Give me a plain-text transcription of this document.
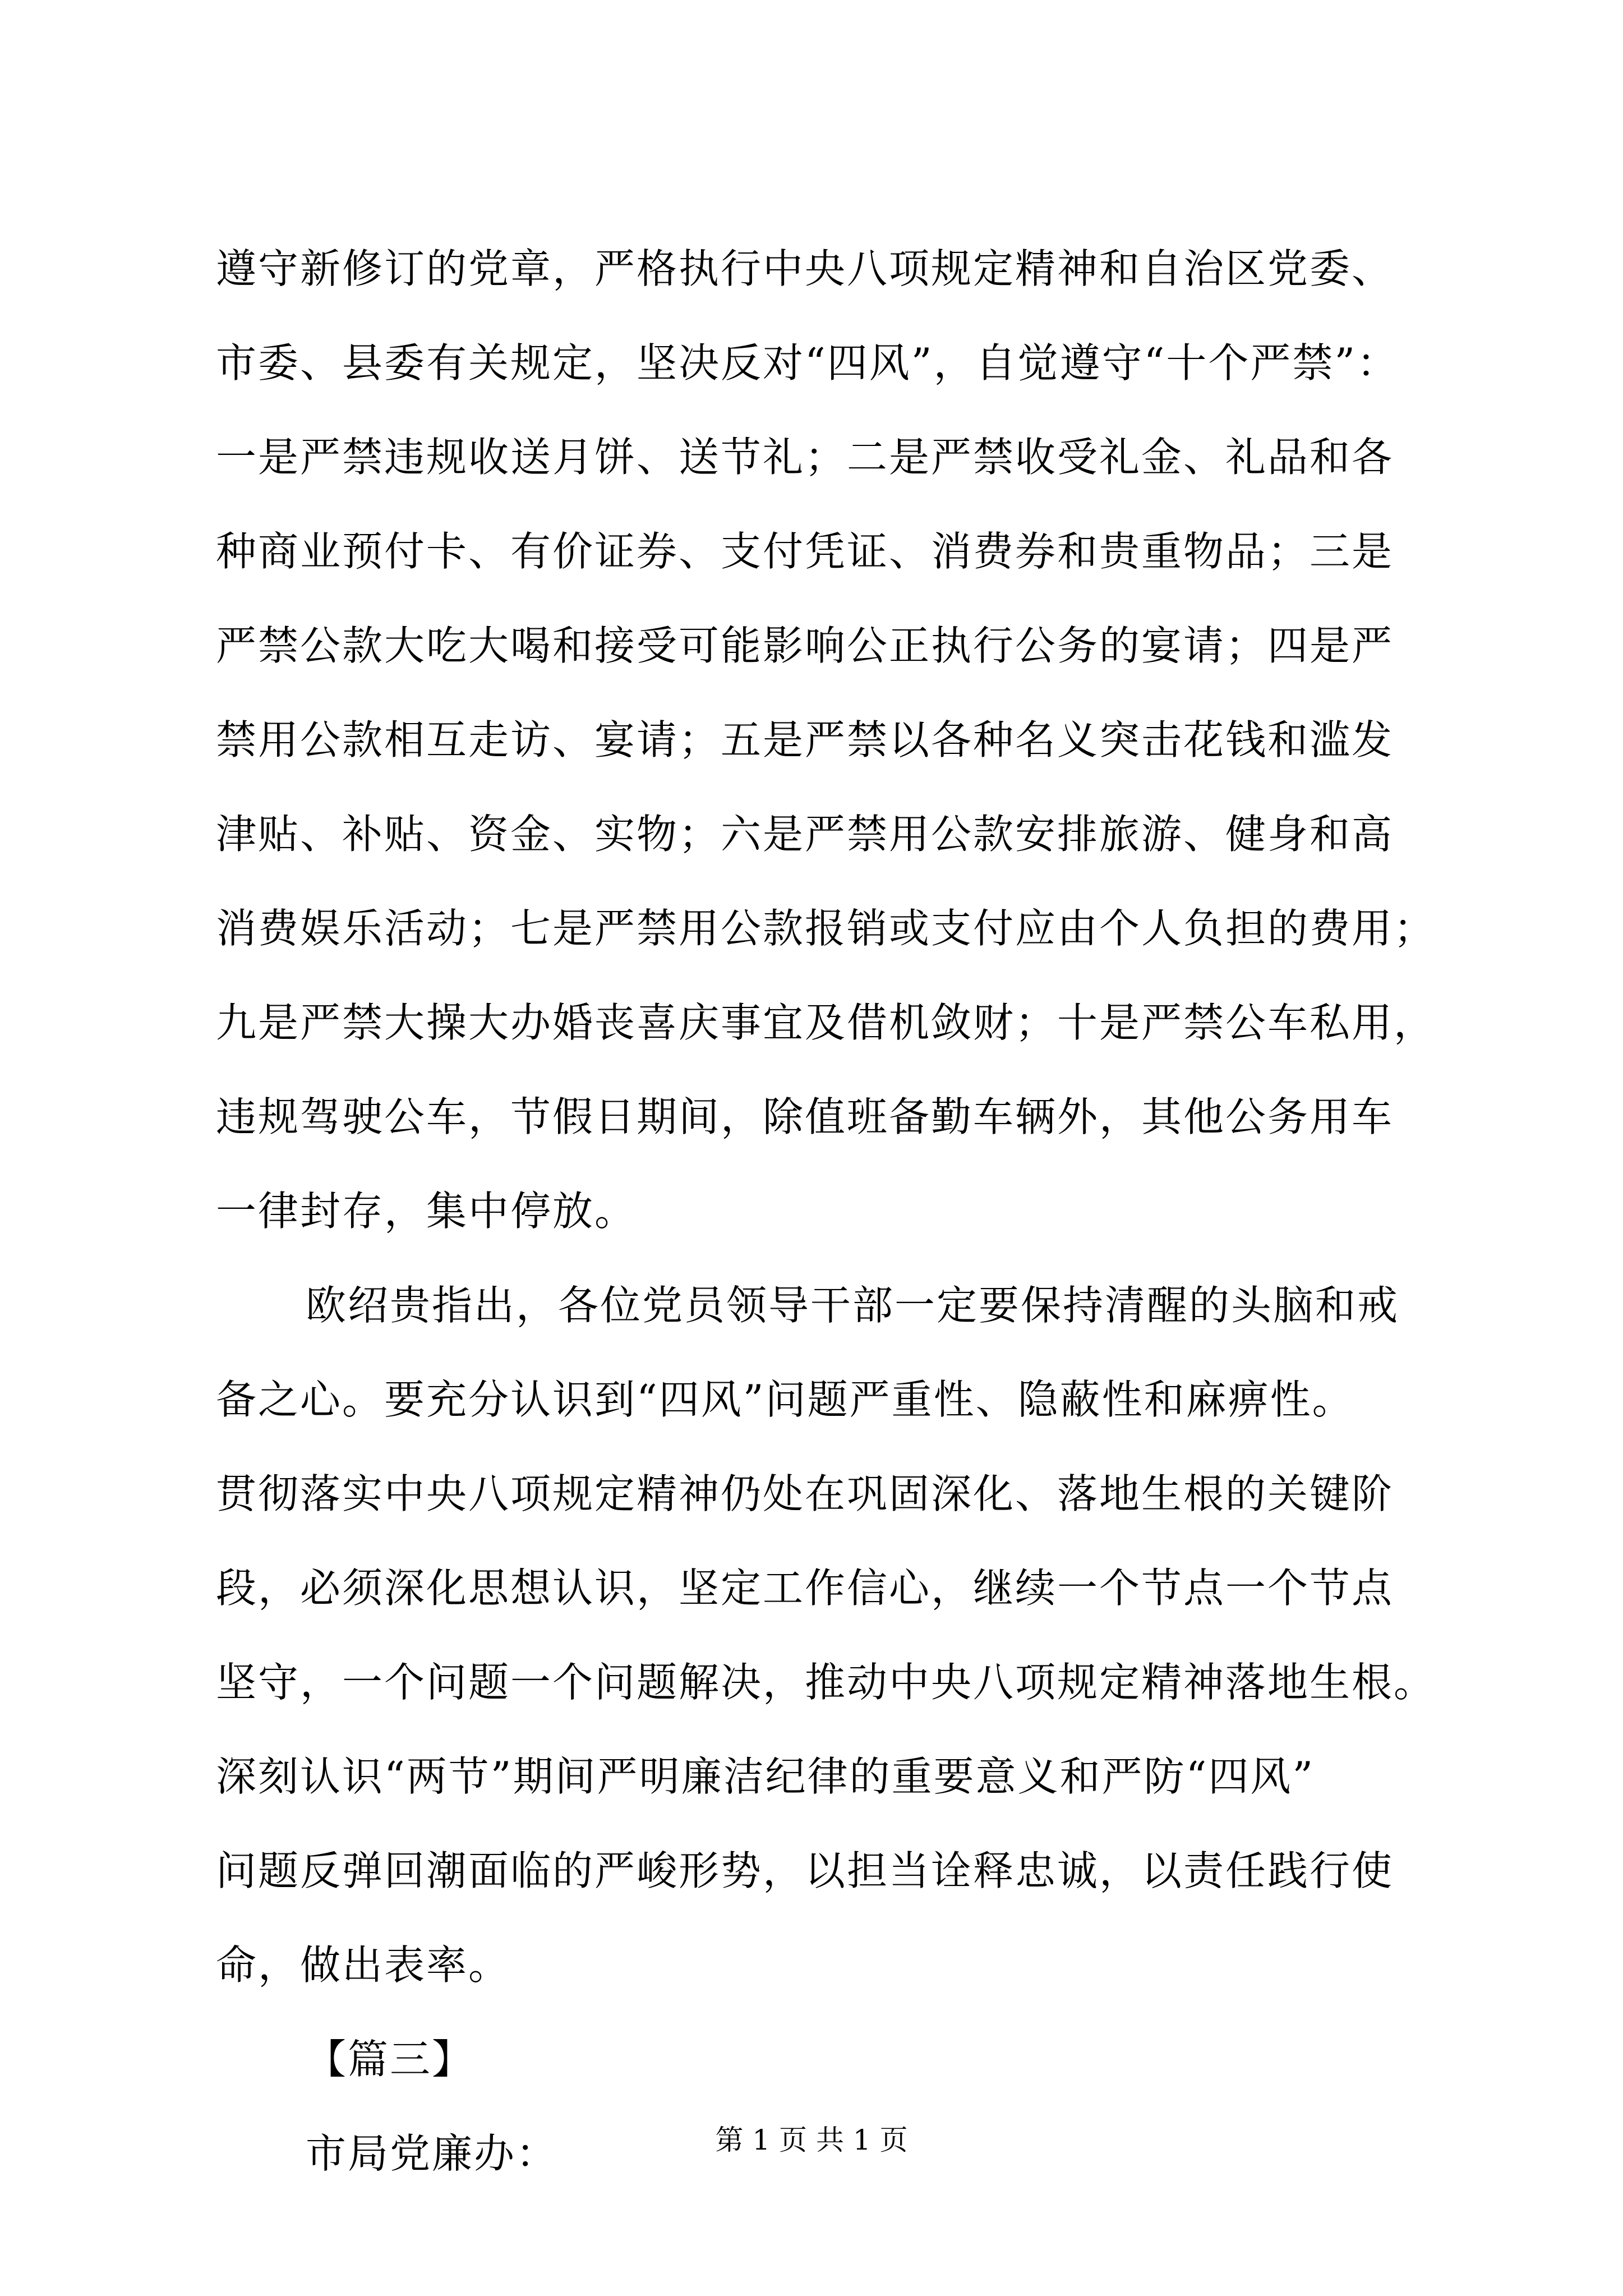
遵守新修订的党章，严格执行中央八项规定精神和自治区党委、
市委、县委有关规定，坚决反对“四风”，自觉遵守“十个严禁”：
一是严禁违规收送月饼、送节礼；二是严禁收受礼金、礼品和各
种商业预付卡、有价证券、支付凭证、消费券和贵重物品；三是
严禁公款大吃大喝和接受可能影响公正执行公务的宴请；四是严
禁用公款相互走访、宴请；五是严禁以各种名义突击花钱和滥发
津贴、补贴、资金、实物；六是严禁用公款安排旅游、健身和高
消费娱乐活动；七是严禁用公款报销或支付应由个人负担的费用；
九是严禁大操大办婚丧喜庆事宜及借机敛财；十是严禁公车私用，
违规驾驶公车，节假日期间，除值班备勤车辆外，其他公务用车
一律封存，集中停放。
欧绍贵指出，各位党员领导干部一定要保持清醒的头脑和戒
备之心。要充分认识到“四风”问题严重性、隐蔽性和麻痹性。
贯彻落实中央八项规定精神仍处在巩固深化、落地生根的关键阶
段，必须深化思想认识，坚定工作信心，继续一个节点一个节点
坚守，一个问题一个问题解决，推动中央八项规定精神落地生根。
深刻认识“两节”期间严明廉洁纪律的重要意义和严防“四风”
问题反弹回潮面临的严峻形势，以担当诠释忠诚，以责任践行使
命，做出表率。
【篇三】
市局党廉办：	第 1 页 共 1 页
